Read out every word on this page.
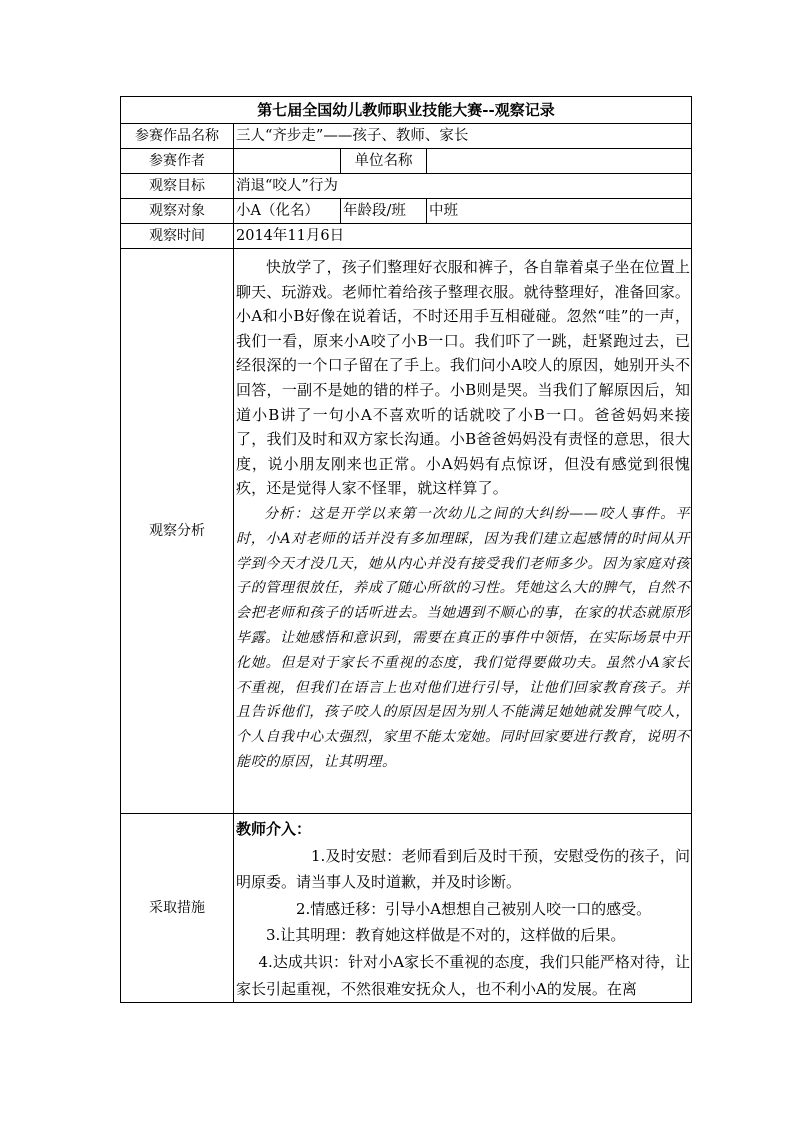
第七届全国幼儿教师职业技能大赛--观察记录			
参赛作品名称	三人“齐步走”——孩子、教师、家长		
参赛作者		单位名称	
观察目标	消退“咬人”行为		
观察对象	小A（化名）	年龄段/班	中班
观察时间	2014年11月6日		
观察分析	快放学了，孩子们整理好衣服和裤子，各自靠着桌子坐在位置上聊天、玩游戏。老师忙着给孩子整理衣服。就待整理好，准备回家。小A和小B好像在说着话，不时还用手互相碰碰。忽然“哇”的一声，我们一看，原来小A咬了小B一口。我们吓了一跳，赶紧跑过去，已经很深的一个口子留在了手上。我们问小A咬人的原因，她别开头不回答，一副不是她的错的样子。小B则是哭。当我们了解原因后，知道小B讲了一句小A不喜欢听的话就咬了小B一口。爸爸妈妈来接了，我们及时和双方家长沟通。小B爸爸妈妈没有责怪的意思，很大度，说小朋友刚来也正常。小A妈妈有点惊讶，但没有感觉到很愧疚，还是觉得人家不怪罪，就这样算了。

分析：这是开学以来第一次幼儿之间的大纠纷——咬人事件。平时，小A对老师的话并没有多加理睬，因为我们建立起感情的时间从开学到今天才没几天，她从内心并没有接受我们老师多少。因为家庭对孩子的管理很放任，养成了随心所欲的习性。凭她这么大的脾气，自然不会把老师和孩子的话听进去。当她遇到不顺心的事，在家的状态就原形毕露。让她感悟和意识到，需要在真正的事件中领悟，在实际场景中开化她。但是对于家长不重视的态度，我们觉得要做功夫。虽然小A家长不重视，但我们在语言上也对他们进行引导，让他们回家教育孩子。并且告诉他们，孩子咬人的原因是因为别人不能满足她她就发脾气咬人，个人自我中心太强烈，家里不能太宠她。同时回家要进行教育，说明不能咬的原因，让其明理。		

采取措施	教师介入：
1.及时安慰：老师看到后及时干预，安慰受伤的孩子，问明原委。请当事人及时道歉，并及时诊断。
2.情感迁移：引导小A想想自己被别人咬一口的感受。
3.让其明理：教育她这样做是不对的，这样做的后果。
4.达成共识：针对小A家长不重视的态度，我们只能严格对待，让家长引起重视，不然很难安抚众人，也不利小A的发展。在离		
